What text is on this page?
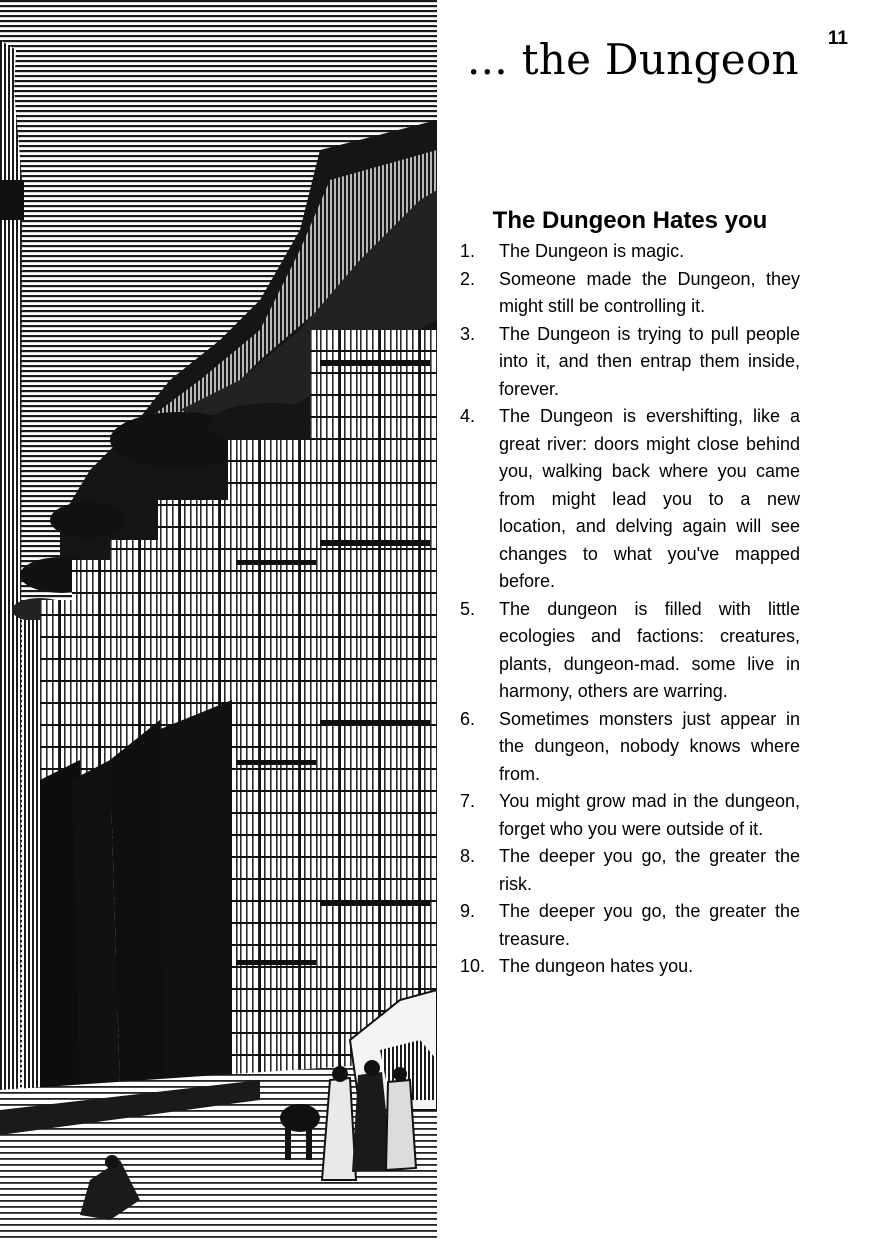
11
... the Dungeon
The Dungeon Hates you
1. The Dungeon is magic.
2. Someone made the Dungeon, they might still be controlling it.
3. The Dungeon is trying to pull people into it, and then entrap them inside, forever.
4. The Dungeon is evershifting, like a great river: doors might close behind you, walking back where you came from might lead you to a new location, and delving again will see changes to what you've mapped before.
5. The dungeon is filled with little ecologies and factions: creatures, plants, dungeon-mad. some live in harmony, others are warring.
6. Sometimes monsters just appear in the dungeon, nobody knows where from.
7. You might grow mad in the dungeon, forget who you were outside of it.
8. The deeper you go, the greater the risk.
9. The deeper you go, the greater the treasure.
10. The dungeon hates you.
